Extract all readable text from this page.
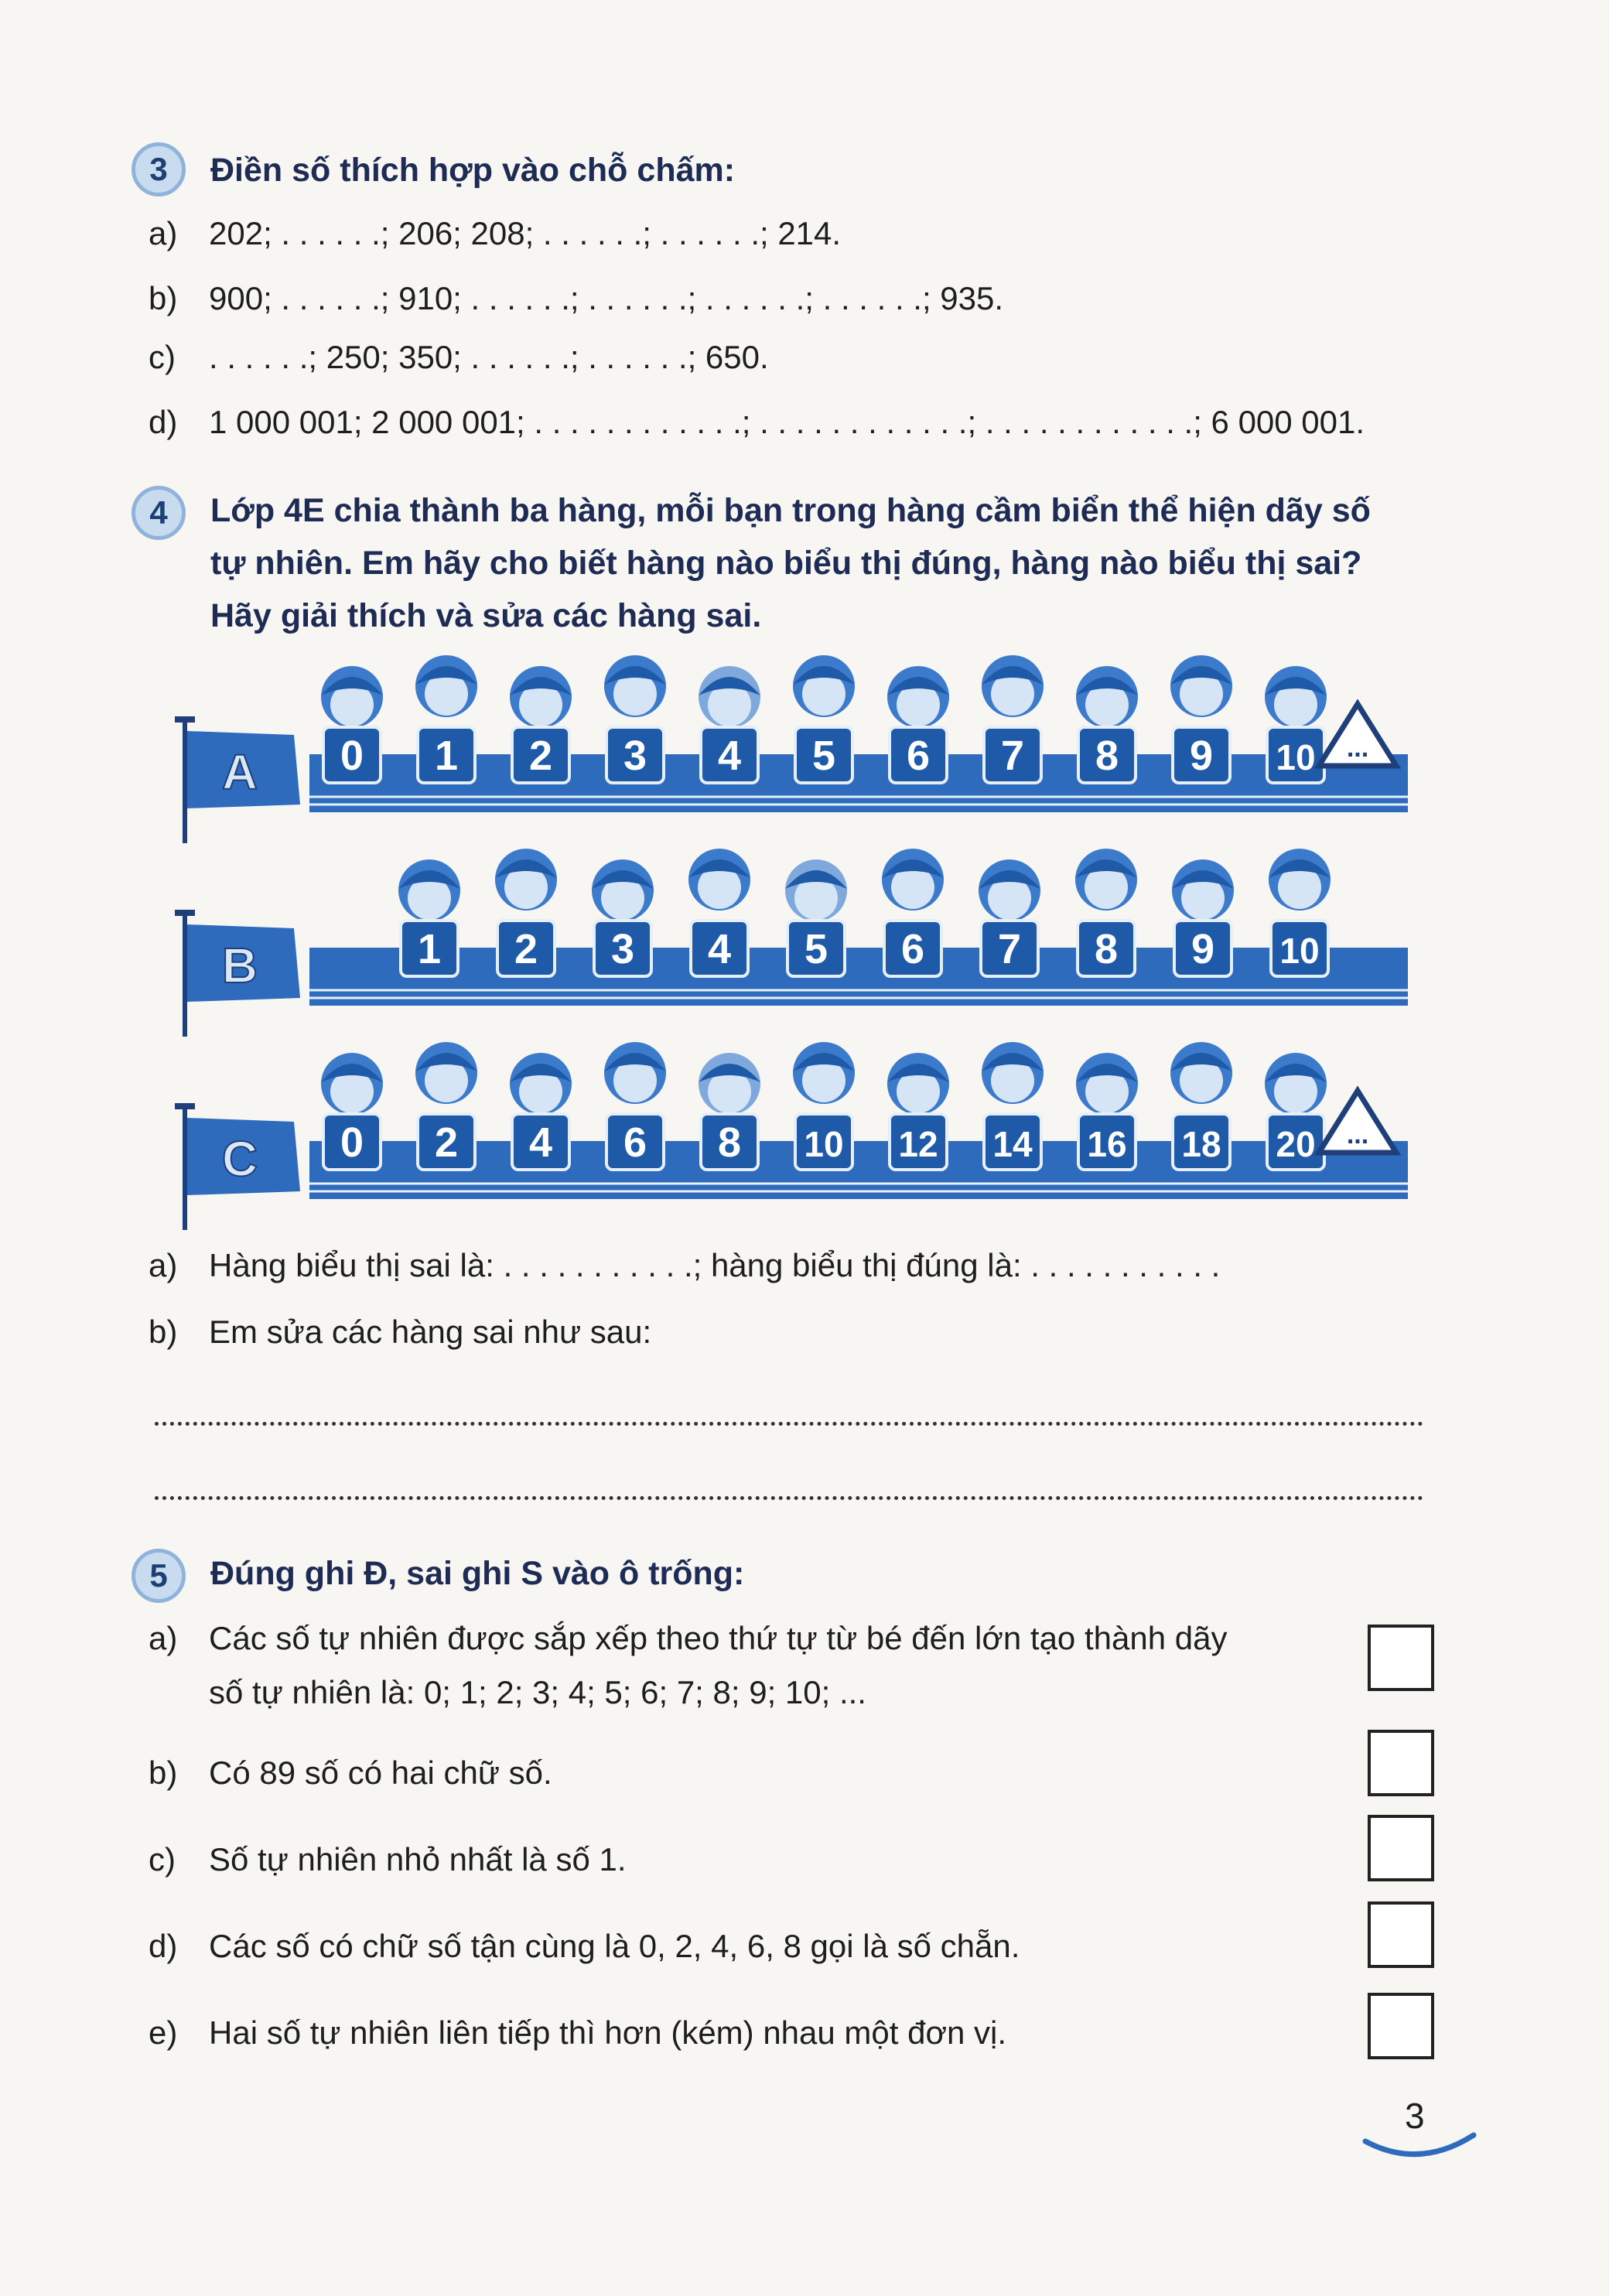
3	Điền số thích hợp vào chỗ chấm:
a) 202; . . . . . .; 206; 208; . . . . . .; . . . . . .; 214.
b) 900; . . . . . .; 910; . . . . . .; . . . . . .; . . . . . .; . . . . . .; 935.
c) . . . . . .; 250; 350; . . . . . .; . . . . . .; 650.
d) 1 000 001; 2 000 001; . . . . . . . . . . . .; . . . . . . . . . . . .; . . . . . . . . . . . .; 6 000 001.
4	Lớp 4E chia thành ba hàng, mỗi bạn trong hàng cầm biển thể hiện dãy số
tự nhiên. Em hãy cho biết hàng nào biểu thị đúng, hàng nào biểu thị sai?
Hãy giải thích và sửa các hàng sai.
A 0 1 2 3 4 5 6 7 8 9 10 ...
B	1 2 3 4 5 6 7 8 9 10
C 0 2 4 6 8 10 12 14 16 18 20 ...
a) Hàng biểu thị sai là: . . . . . . . . . . .; hàng biểu thị đúng là: . . . . . . . . . . .
b) Em sửa các hàng sai như sau:
5	Đúng ghi Đ, sai ghi S vào ô trống:
a) Các số tự nhiên được sắp xếp theo thứ tự từ bé đến lớn tạo thành dãy
số tự nhiên là: 0; 1; 2; 3; 4; 5; 6; 7; 8; 9; 10; ...
b) Có 89 số có hai chữ số.
c) Số tự nhiên nhỏ nhất là số 1.
d) Các số có chữ số tận cùng là 0, 2, 4, 6, 8 gọi là số chẵn.
e) Hai số tự nhiên liên tiếp thì hơn (kém) nhau một đơn vị.
3
